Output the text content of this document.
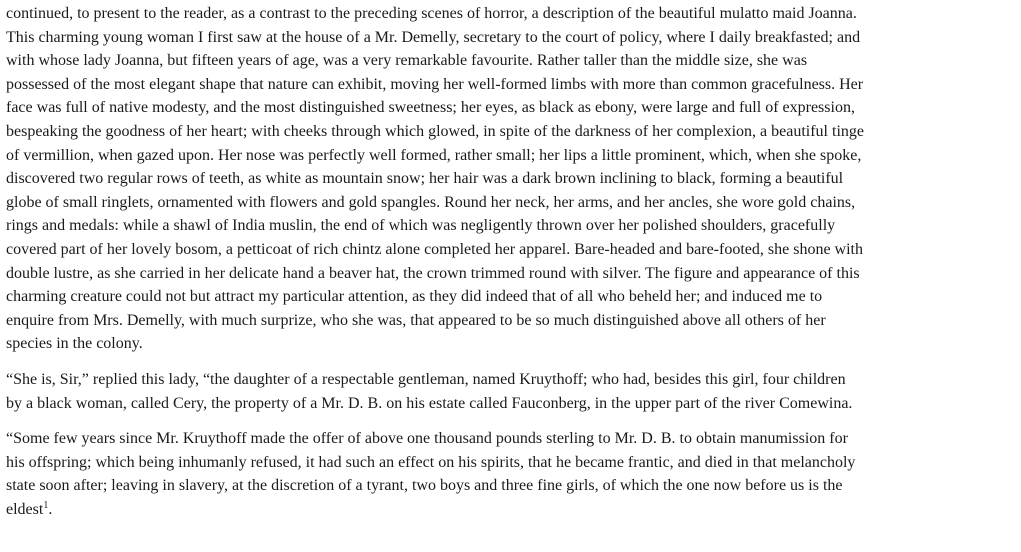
continued, to present to the reader, as a contrast to the preceding scenes of horror, a description of the beautiful mulatto maid Joanna.
This charming young woman I first saw at the house of a Mr. Demelly, secretary to the court of policy, where I daily breakfasted; and
with whose lady Joanna, but fifteen years of age, was a very remarkable favourite. Rather taller than the middle size, she was
possessed of the most elegant shape that nature can exhibit, moving her well-formed limbs with more than common gracefulness. Her
face was full of native modesty, and the most distinguished sweetness; her eyes, as black as ebony, were large and full of expression,
bespeaking the goodness of her heart; with cheeks through which glowed, in spite of the darkness of her complexion, a beautiful tinge
of vermillion, when gazed upon. Her nose was perfectly well formed, rather small; her lips a little prominent, which, when she spoke,
discovered two regular rows of teeth, as white as mountain snow; her hair was a dark brown inclining to black, forming a beautiful
globe of small ringlets, ornamented with flowers and gold spangles. Round her neck, her arms, and her ancles, she wore gold chains,
rings and medals: while a shawl of India muslin, the end of which was negligently thrown over her polished shoulders, gracefully
covered part of her lovely bosom, a petticoat of rich chintz alone completed her apparel. Bare-headed and bare-footed, she shone with
double lustre, as she carried in her delicate hand a beaver hat, the crown trimmed round with silver. The figure and appearance of this
charming creature could not but attract my particular attention, as they did indeed that of all who beheld her; and induced me to
enquire from Mrs. Demelly, with much surprize, who she was, that appeared to be so much distinguished above all others of her
species in the colony.

“She is, Sir,” replied this lady, “the daughter of a respectable gentleman, named Kruythoff; who had, besides this girl, four children
by a black woman, called Cery, the property of a Mr. D. B. on his estate called Fauconberg, in the upper part of the river Comewina.

“Some few years since Mr. Kruythoff made the offer of above one thousand pounds sterling to Mr. D. B. to obtain manumission for
his offspring; which being inhumanly refused, it had such an effect on his spirits, that he became frantic, and died in that melancholy
state soon after; leaving in slavery, at the discretion of a tyrant, two boys and three fine girls, of which the one now before us is the
eldest$^1$.
